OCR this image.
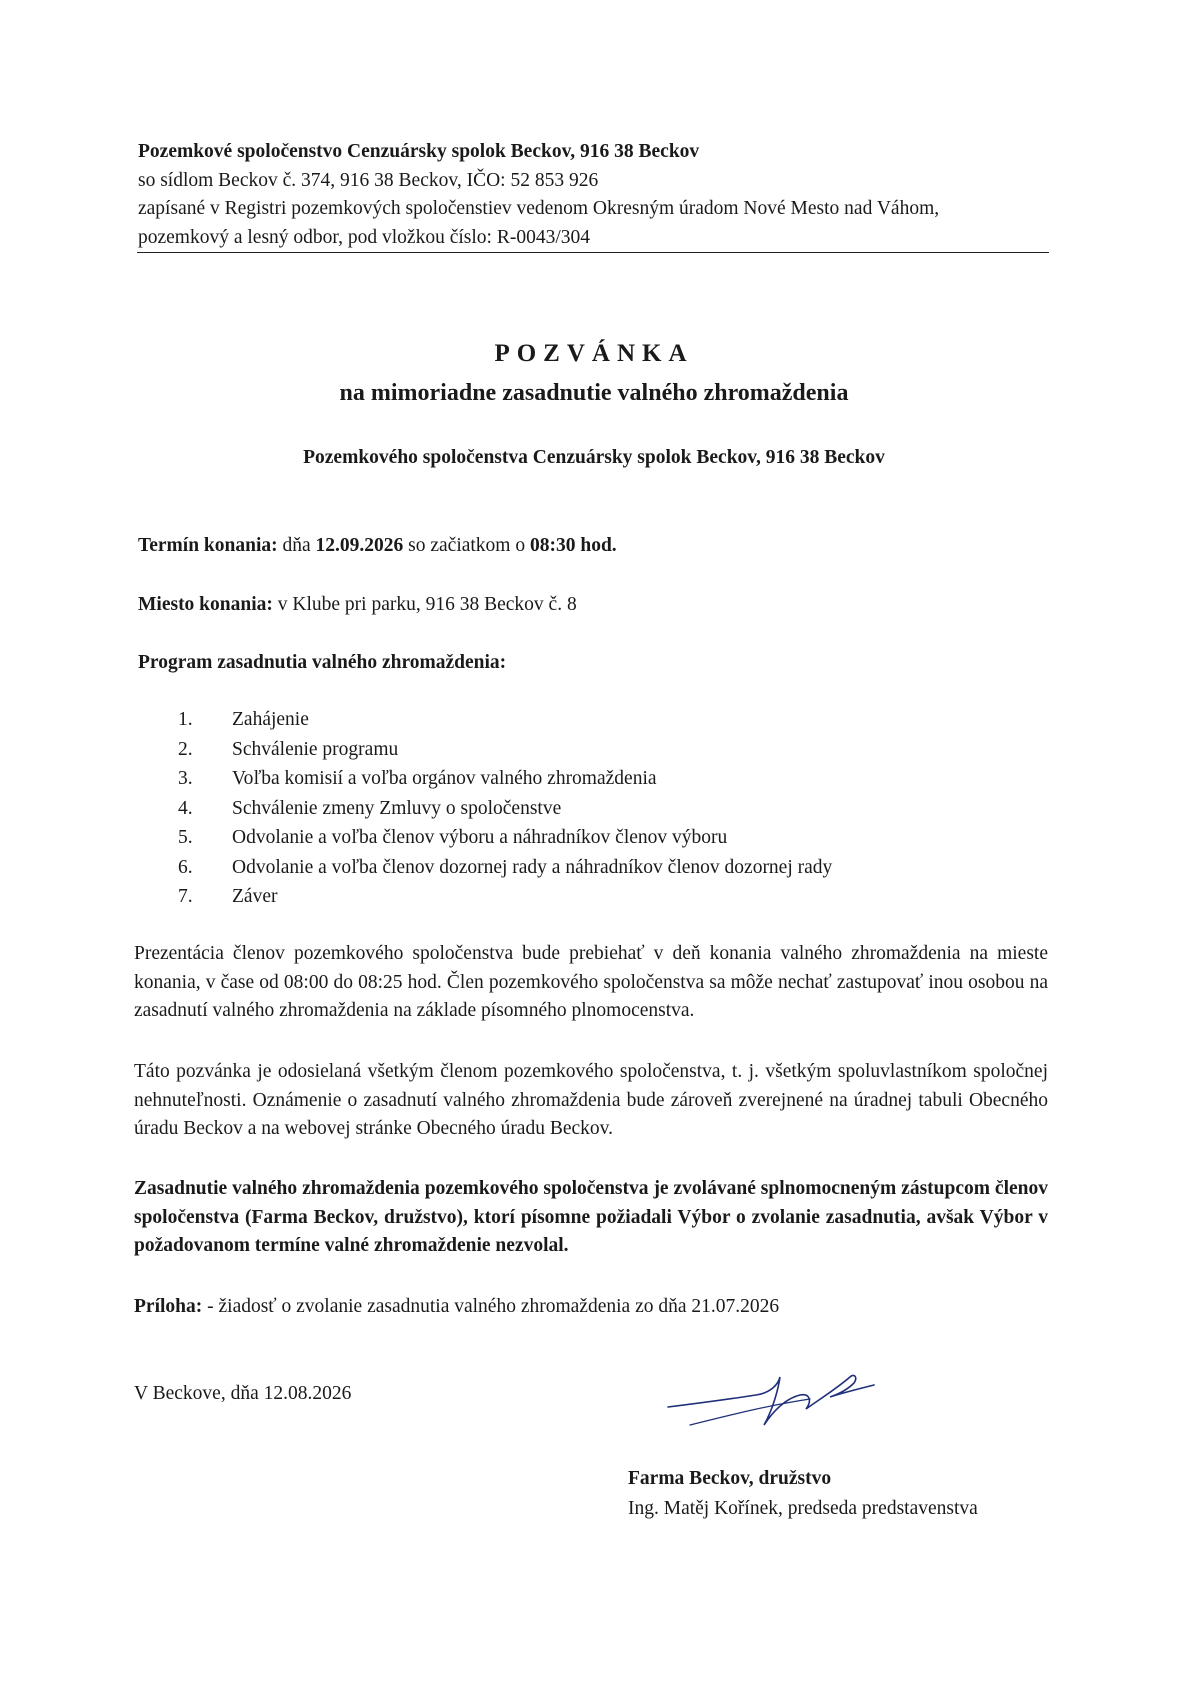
Pozemkové spoločenstvo Cenzuársky spolok Beckov, 916 38 Beckov
so sídlom Beckov č. 374, 916 38 Beckov, IČO: 52 853 926
zapísané v Registri pozemkových spoločenstiev vedenom Okresným úradom Nové Mesto nad Váhom,
pozemkový a lesný odbor, pod vložkou číslo: R-0043/304
POZVÁNKA
na mimoriadne zasadnutie valného zhromaždenia
Pozemkového spoločenstva Cenzuársky spolok Beckov, 916 38 Beckov
Termín konania: dňa 12.09.2026 so začiatkom o 08:30 hod.
Miesto konania: v Klube pri parku, 916 38 Beckov č. 8
Program zasadnutia valného zhromaždenia:
1.	Zahájenie
2.	Schválenie programu
3.	Voľba komisií a voľba orgánov valného zhromaždenia
4.	Schválenie zmeny Zmluvy o spoločenstve
5.	Odvolanie a voľba členov výboru a náhradníkov členov výboru
6.	Odvolanie a voľba členov dozornej rady a náhradníkov členov dozornej rady
7.	Záver
Prezentácia členov pozemkového spoločenstva bude prebiehať v deň konania valného zhromaždenia na mieste konania, v čase od 08:00 do 08:25 hod. Člen pozemkového spoločenstva sa môže nechať zastupovať inou osobou na zasadnutí valného zhromaždenia na základe písomného plnomocenstva.
Táto pozvánka je odosielaná všetkým členom pozemkového spoločenstva, t. j. všetkým spoluvlastníkom spoločnej nehnuteľnosti. Oznámenie o zasadnutí valného zhromaždenia bude zároveň zverejnené na úradnej tabuli Obecného úradu Beckov a na webovej stránke Obecného úradu Beckov.
Zasadnutie valného zhromaždenia pozemkového spoločenstva je zvolávané splnomocneným zástupcom členov spoločenstva (Farma Beckov, družstvo), ktorí písomne požiadali Výbor o zvolanie zasadnutia, avšak Výbor v požadovanom termíne valné zhromaždenie nezvolal.
Príloha: - žiadosť o zvolanie zasadnutia valného zhromaždenia zo dňa 21.07.2026
V Beckove, dňa 12.08.2026
Farma Beckov, družstvo
Ing. Matěj Kořínek, predseda predstavenstva
